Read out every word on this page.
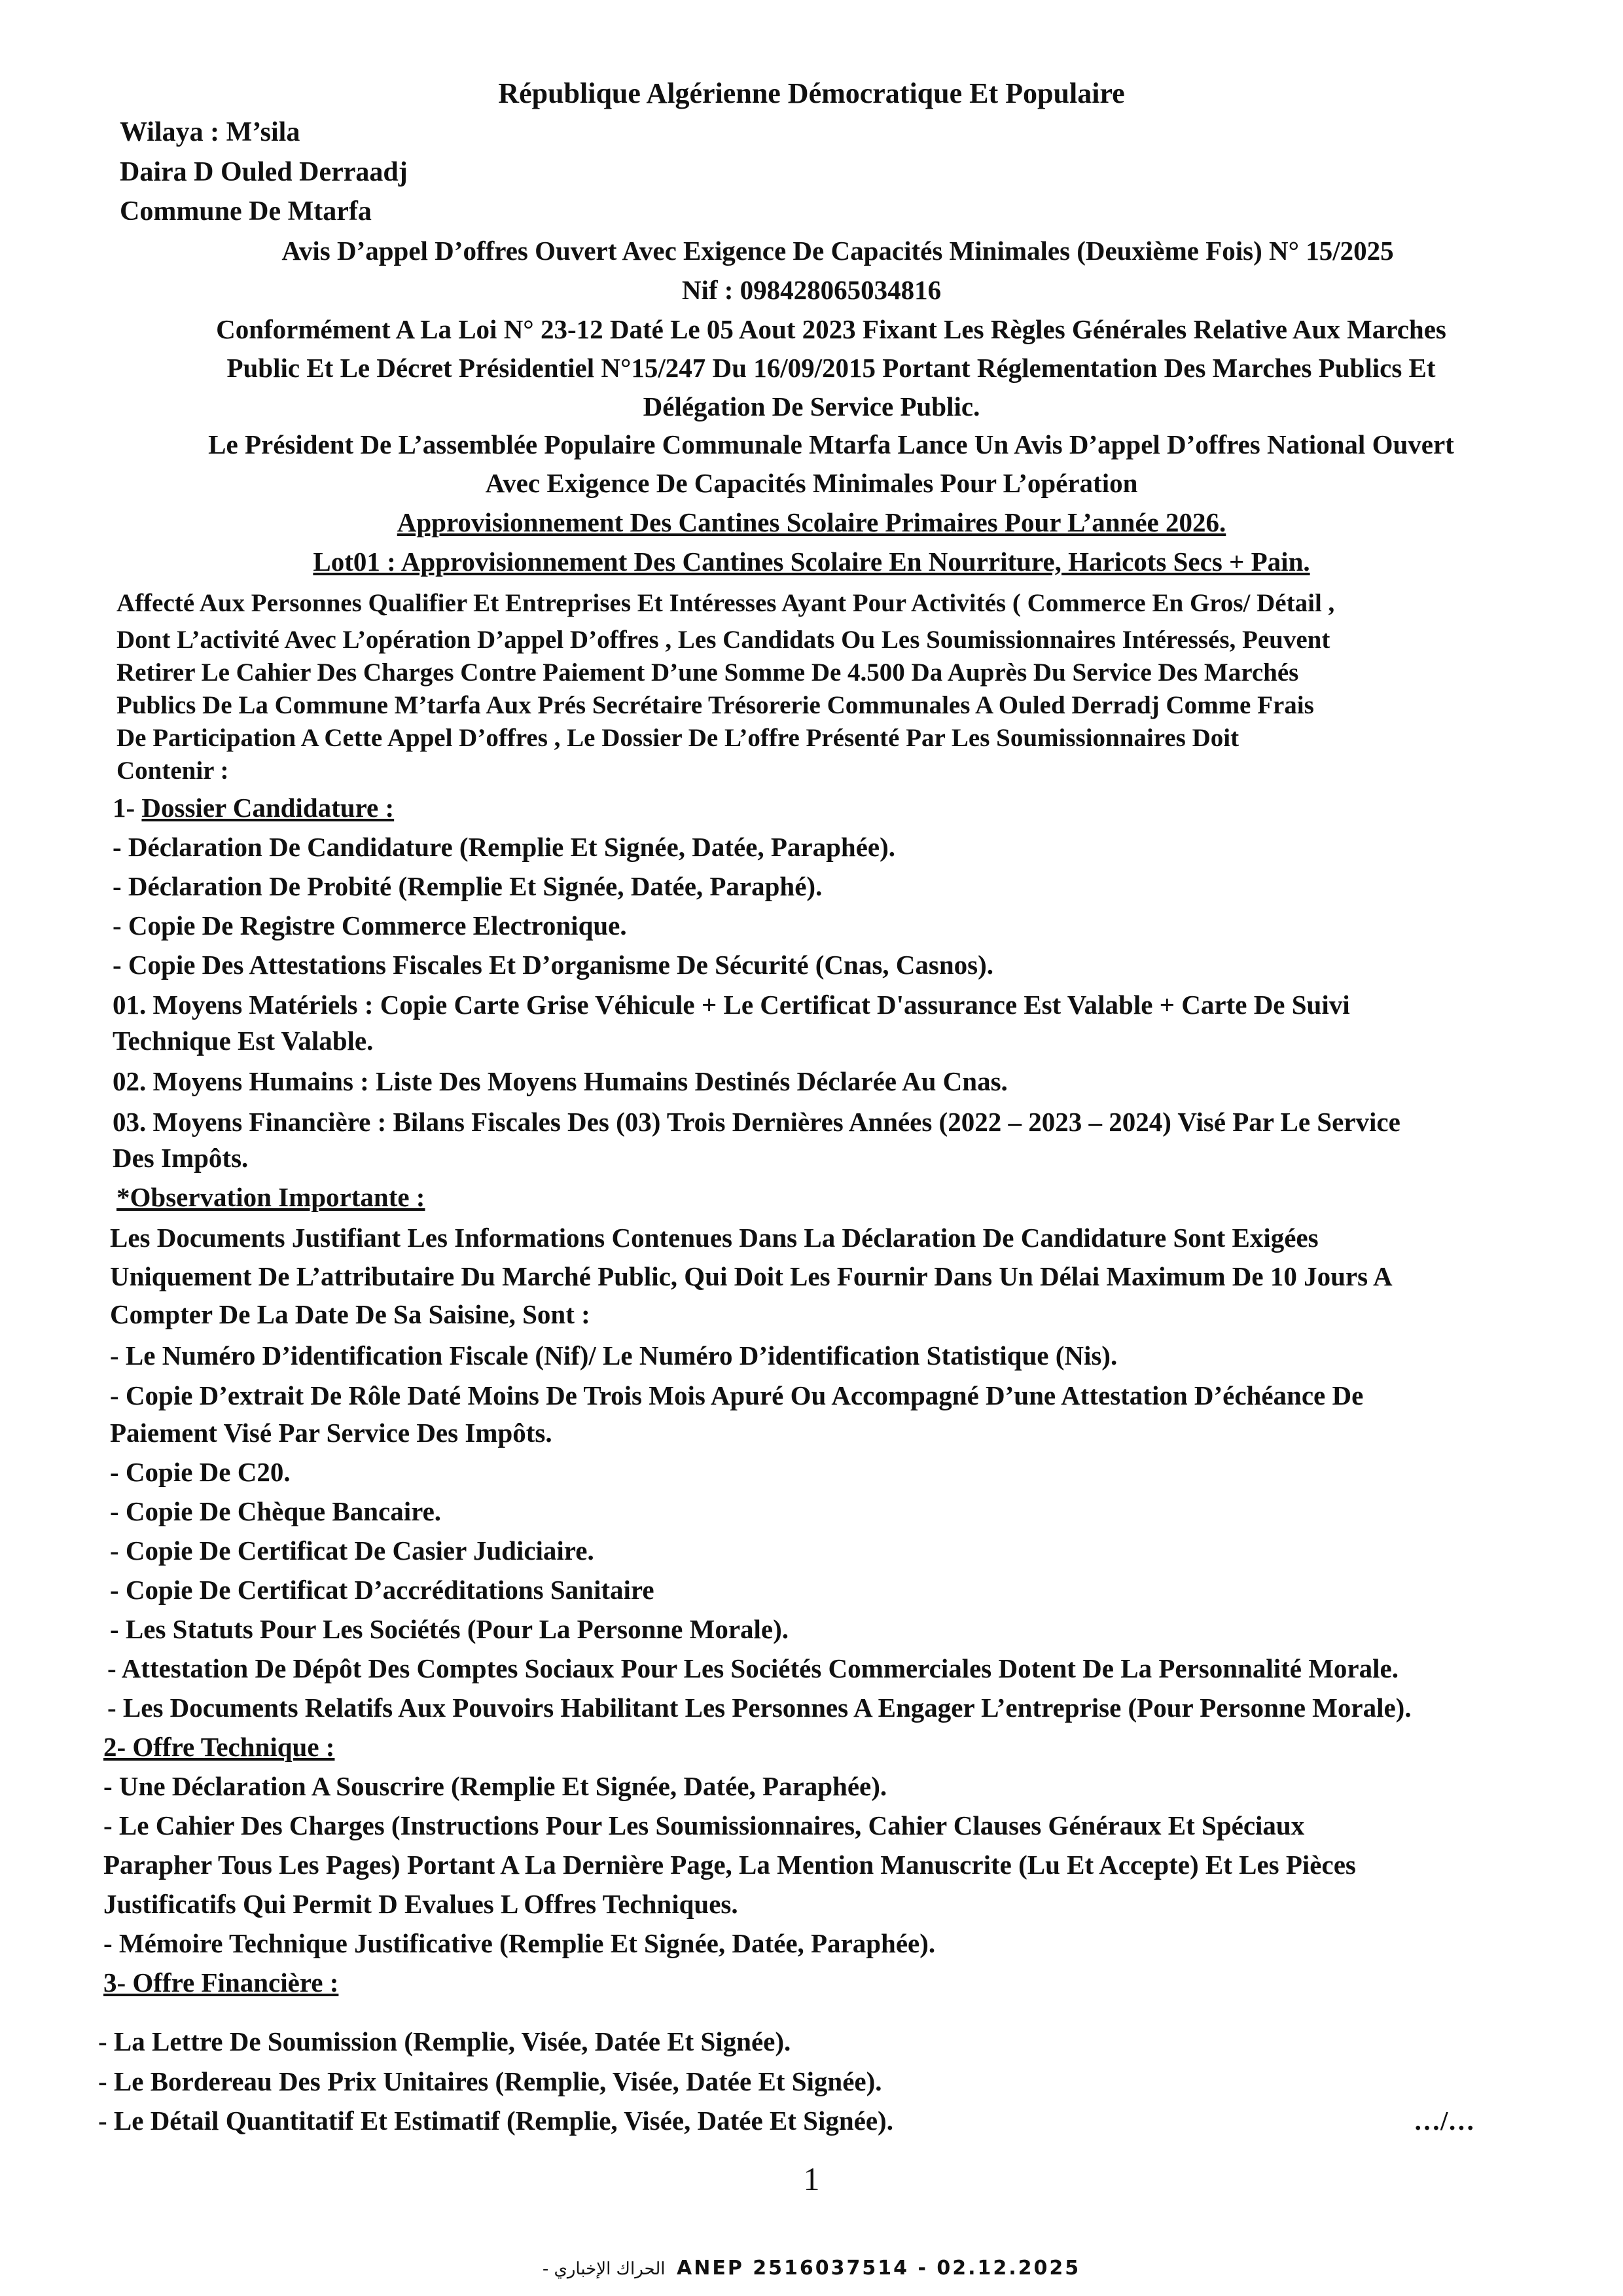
République Algérienne Démocratique Et Populaire
Wilaya : M’sila
Daira D Ouled Derraadj
Commune De Mtarfa
Avis D’appel D’offres Ouvert Avec Exigence De Capacités Minimales (Deuxième Fois) N° 15/2025
Nif : 098428065034816
Conformément A La Loi N° 23-12 Daté Le 05 Aout 2023 Fixant Les Règles Générales Relative Aux Marches
Public Et Le Décret Présidentiel N°15/247 Du 16/09/2015 Portant Réglementation Des Marches Publics Et
Délégation De Service Public.
Le Président De L’assemblée Populaire Communale Mtarfa Lance Un Avis D’appel D’offres National Ouvert
Avec Exigence De Capacités Minimales Pour L’opération
Approvisionnement Des Cantines Scolaire Primaires Pour L’année 2026.
Lot01 : Approvisionnement Des Cantines Scolaire En Nourriture, Haricots Secs + Pain.
Affecté Aux Personnes Qualifier Et Entreprises Et Intéresses Ayant Pour Activités ( Commerce En Gros/ Détail ,
Dont L’activité Avec L’opération D’appel D’offres , Les Candidats Ou Les Soumissionnaires Intéressés, Peuvent
Retirer Le Cahier Des Charges Contre Paiement D’une Somme De 4.500 Da Auprès Du Service Des Marchés
Publics De La Commune M’tarfa Aux Prés Secrétaire Trésorerie Communales A Ouled Derradj Comme Frais
De Participation A Cette Appel D’offres , Le Dossier De L’offre Présenté Par Les Soumissionnaires Doit
Contenir :
1- Dossier Candidature :
- Déclaration De Candidature (Remplie Et Signée, Datée, Paraphée).
- Déclaration De Probité (Remplie Et Signée, Datée, Paraphé).
- Copie De Registre Commerce Electronique.
- Copie Des Attestations Fiscales Et D’organisme De Sécurité (Cnas, Casnos).
01. Moyens Matériels : Copie Carte Grise Véhicule + Le Certificat D'assurance Est Valable + Carte De Suivi
Technique Est Valable.
02. Moyens Humains : Liste Des Moyens Humains Destinés Déclarée Au Cnas.
03. Moyens Financière : Bilans Fiscales Des (03) Trois Dernières Années (2022 – 2023 – 2024) Visé Par Le Service
Des Impôts.
*Observation Importante :
Les Documents Justifiant Les Informations Contenues Dans La Déclaration De Candidature Sont Exigées
Uniquement De L’attributaire Du Marché Public, Qui Doit Les Fournir Dans Un Délai Maximum De 10 Jours A
Compter De La Date De Sa Saisine, Sont :
- Le Numéro D’identification Fiscale (Nif)/ Le Numéro D’identification Statistique (Nis).
- Copie D’extrait De Rôle Daté Moins De Trois Mois Apuré Ou Accompagné D’une Attestation D’échéance De
Paiement Visé Par Service Des Impôts.
- Copie De C20.
- Copie De Chèque Bancaire.
- Copie De Certificat De Casier Judiciaire.
- Copie De Certificat D’accréditations Sanitaire
- Les Statuts Pour Les Sociétés (Pour La Personne Morale).
- Attestation De Dépôt Des Comptes Sociaux Pour Les Sociétés Commerciales Dotent De La Personnalité Morale.
- Les Documents Relatifs Aux Pouvoirs Habilitant Les Personnes A Engager L’entreprise (Pour Personne Morale).
2- Offre Technique :
- Une Déclaration A Souscrire (Remplie Et Signée, Datée, Paraphée).
- Le Cahier Des Charges (Instructions Pour Les Soumissionnaires, Cahier Clauses Généraux Et Spéciaux
Parapher Tous Les Pages) Portant A La Dernière Page, La Mention Manuscrite (Lu Et Accepte) Et Les Pièces
Justificatifs Qui Permit D Evalues L Offres Techniques.
- Mémoire Technique Justificative (Remplie Et Signée, Datée, Paraphée).
3- Offre Financière :
- La Lettre De Soumission (Remplie, Visée, Datée Et Signée).
- Le Bordereau Des Prix Unitaires (Remplie, Visée, Datée Et Signée).
- Le Détail Quantitatif Et Estimatif (Remplie, Visée, Datée Et Signée).	…/…
1
الحراك الإخباري - ANEP 2516037514 - 02.12.2025
